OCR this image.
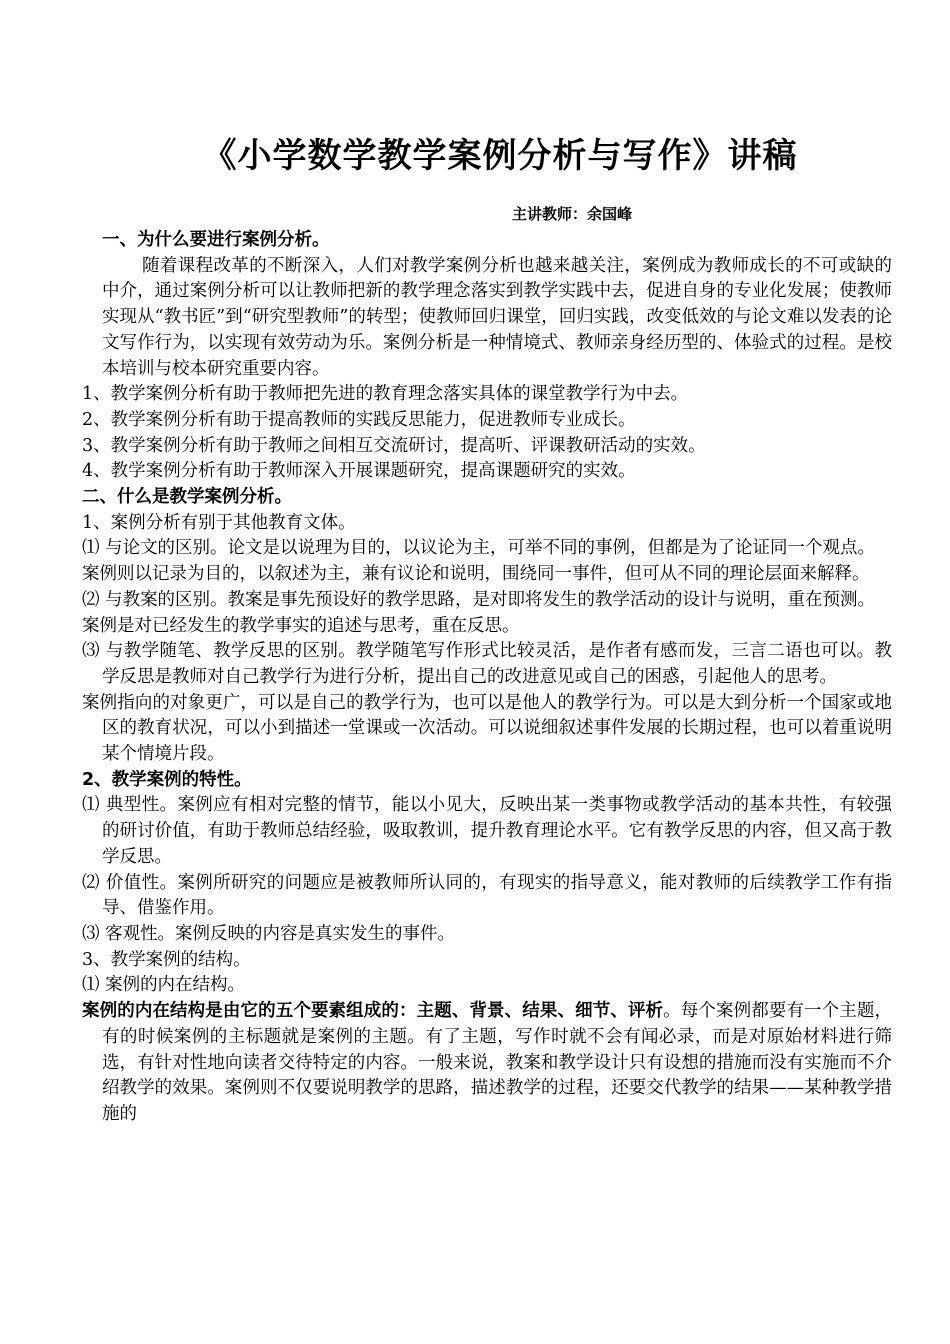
《小学数学教学案例分析与写作》讲稿
主讲教师：余国峰

一、为什么要进行案例分析。

随着课程改革的不断深入，人们对教学案例分析也越来越关注，案例成为教师成长的不可或缺的中介，通过案例分析可以让教师把新的教学理念落实到教学实践中去，促进自身的专业化发展；使教师实现从“教书匠”到“研究型教师”的转型；使教师回归课堂，回归实践，改变低效的与论文难以发表的论文写作行为，以实现有效劳动为乐。案例分析是一种情境式、教师亲身经历型的、体验式的过程。是校本培训与校本研究重要内容。

1、教学案例分析有助于教师把先进的教育理念落实具体的课堂教学行为中去。

2、教学案例分析有助于提高教师的实践反思能力，促进教师专业成长。

3、教学案例分析有助于教师之间相互交流研讨，提高听、评课教研活动的实效。

4、教学案例分析有助于教师深入开展课题研究，提高课题研究的实效。

二、什么是教学案例分析。

1、案例分析有别于其他教育文体。

⑴ 与论文的区别。论文是以说理为目的，以议论为主，可举不同的事例，但都是为了论证同一个观点。

案例则以记录为目的，以叙述为主，兼有议论和说明，围绕同一事件，但可从不同的理论层面来解释。

⑵ 与教案的区别。教案是事先预设好的教学思路，是对即将发生的教学活动的设计与说明，重在预测。

案例是对已经发生的教学事实的追述与思考，重在反思。

⑶ 与教学随笔、教学反思的区别。教学随笔写作形式比较灵活，是作者有感而发，三言二语也可以。教学反思是教师对自己教学行为进行分析，提出自己的改进意见或自己的困惑，引起他人的思考。

案例指向的对象更广，可以是自己的教学行为，也可以是他人的教学行为。可以是大到分析一个国家或地区的教育状况，可以小到描述一堂课或一次活动。可以说细叙述事件发展的长期过程，也可以着重说明某个情境片段。

2、教学案例的特性。

⑴ 典型性。案例应有相对完整的情节，能以小见大，反映出某一类事物或教学活动的基本共性，有较强的研讨价值，有助于教师总结经验，吸取教训，提升教育理论水平。它有教学反思的内容，但又高于教学反思。

⑵ 价值性。案例所研究的问题应是被教师所认同的，有现实的指导意义，能对教师的后续教学工作有指导、借鉴作用。

⑶ 客观性。案例反映的内容是真实发生的事件。

3、教学案例的结构。

⑴ 案例的内在结构。

案例的内在结构是由它的五个要素组成的：主题、背景、结果、细节、评析。每个案例都要有一个主题，有的时候案例的主标题就是案例的主题。有了主题，写作时就不会有闻必录，而是对原始材料进行筛选，有针对性地向读者交待特定的内容。一般来说，教案和教学设计只有设想的措施而没有实施而不介绍教学的效果。案例则不仅要说明教学的思路，描述教学的过程，还要交代教学的结果——某种教学措施的
